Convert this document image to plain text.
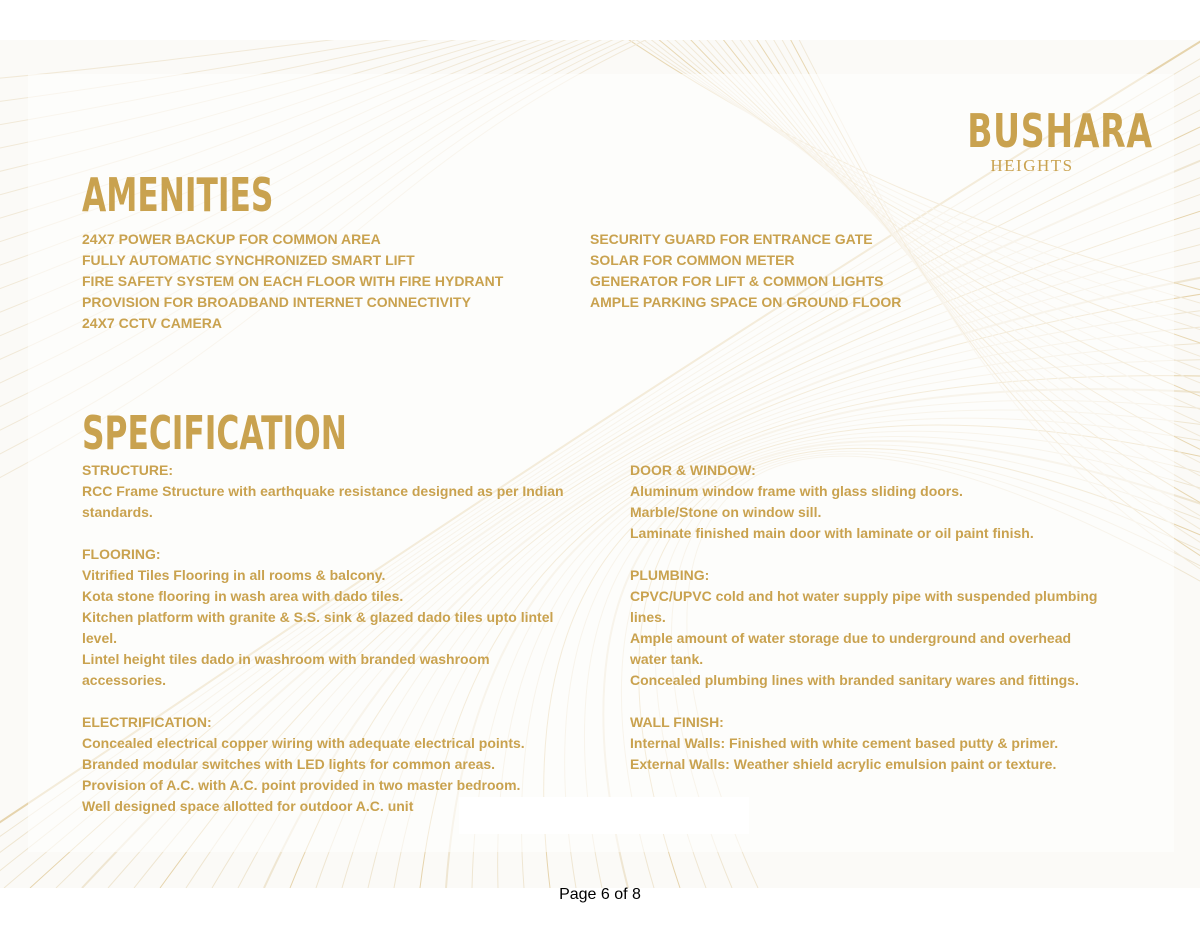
BUSHARA
HEIGHTS
AMENITIES
24X7 POWER BACKUP FOR COMMON AREA
FULLY AUTOMATIC SYNCHRONIZED SMART LIFT
FIRE SAFETY SYSTEM ON EACH FLOOR WITH FIRE HYDRANT
PROVISION FOR BROADBAND INTERNET CONNECTIVITY
24X7 CCTV CAMERA
SECURITY GUARD FOR ENTRANCE GATE
SOLAR FOR COMMON METER
GENERATOR FOR LIFT & COMMON LIGHTS
AMPLE PARKING SPACE ON GROUND FLOOR
SPECIFICATION

STRUCTURE:

RCC Frame Structure with earthquake resistance designed as per Indian

standards.

FLOORING:

Vitrified Tiles Flooring in all rooms & balcony.

Kota stone flooring in wash area with dado tiles.

Kitchen platform with granite & S.S. sink & glazed dado tiles upto lintel

level.

Lintel height tiles dado in washroom with branded washroom

accessories.

ELECTRIFICATION:

Concealed electrical copper wiring with adequate electrical points.

Branded modular switches with LED lights for common areas.

Provision of A.C. with A.C. point provided in two master bedroom.

Well designed space allotted for outdoor A.C. unit

DOOR & WINDOW:

Aluminum window frame with glass sliding doors.

Marble/Stone on window sill.

Laminate finished main door with laminate or oil paint finish.

PLUMBING:

CPVC/UPVC cold and hot water supply pipe with suspended plumbing

lines.

Ample amount of water storage due to underground and overhead

water tank.

Concealed plumbing lines with branded sanitary wares and fittings.

WALL FINISH:

Internal Walls: Finished with white cement based putty & primer.

External Walls: Weather shield acrylic emulsion paint or texture.

Page 6 of 8
